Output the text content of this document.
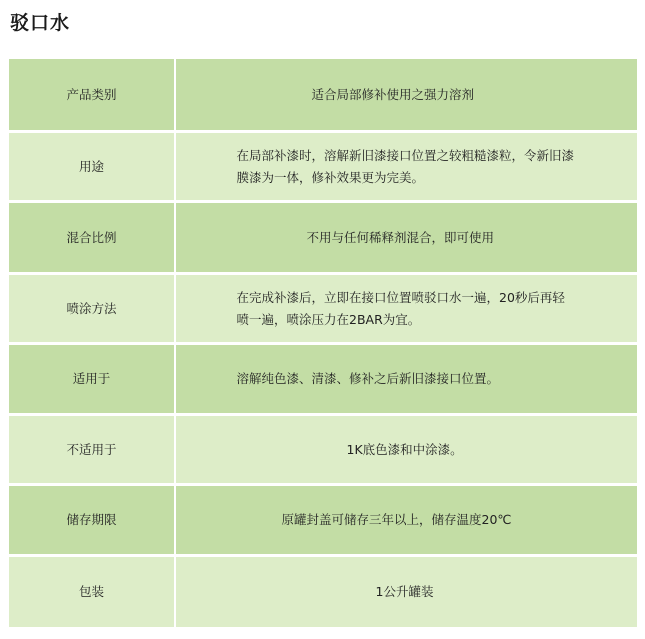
驳口水
产品类别	适合局部修补使用之强力溶剂

用途	在局部补漆时，溶解新旧漆接口位置之较粗糙漆粒，令新旧漆膜漆为一体，修补效果更为完美。

混合比例	不用与任何稀释剂混合，即可使用

喷涂方法	在完成补漆后，立即在接口位置喷驳口水一遍，20秒后再轻喷一遍，喷涂压力在2BAR为宜。

适用于	溶解纯色漆、清漆、修补之后新旧漆接口位置。

不适用于	1K底色漆和中涂漆。

储存期限	原罐封盖可储存三年以上，储存温度20℃

包装	1公升罐装
